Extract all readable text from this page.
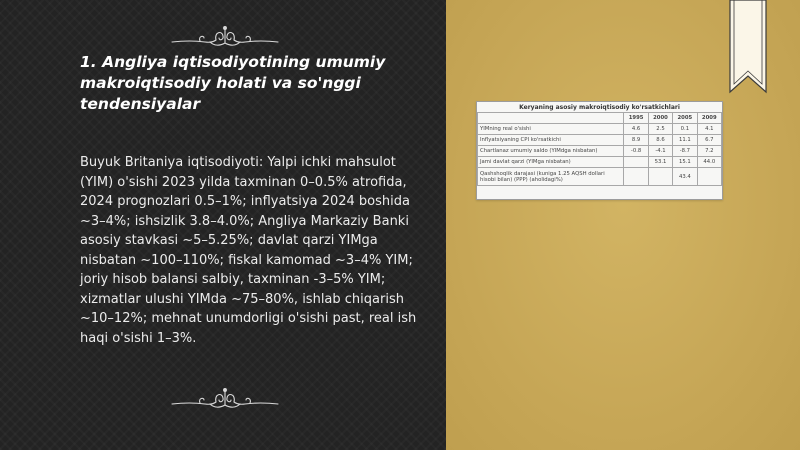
1. Angliya iqtisodiyotining umumiy makroiqtisodiy holati va so'nggi tendensiyalar

Buyuk Britaniya iqtisodiyoti: Yalpi ichki mahsulot (YIM) o'sishi 2023 yilda taxminan 0–0.5% atrofida, 2024 prognozlari 0.5–1%; inflyatsiya 2024 boshida ~3–4%; ishsizlik 3.8–4.0%; Angliya Markaziy Banki asosiy stavkasi ~5–5.25%; davlat qarzi YIMga nisbatan ~100–110%; fiskal kamomad ~3–4% YIM; joriy hisob balansi salbiy, taxminan -3–5% YIM; xizmatlar ulushi YIMda ~75–80%, ishlab chiqarish ~10–12%; mehnat unumdorligi o'sishi past, real ish haqi o'sishi 1–3%.

Keryaning asosiy makroiqtisodiy ko'rsatkichlari
	1995	2000	2005	2009
YIMning real o'sishi	4.6	2.5	0.1	4.1
Inflyatsiyaning CPI ko'rsatkichi	8.9	8.6	11.1	6.7
Chartlanaz umumiy saldo (YIMdga nisbatan)	-0.8	-4.1	-8.7	7.2
Jami davlat qarzi (YIMga nisbatan)		53.1	15.1	44.0
Qashshoqlik darajasi (kuniga 1.25 AQSH dollari hisobi bilan) (PPP) (aholidagi%)			43.4	
